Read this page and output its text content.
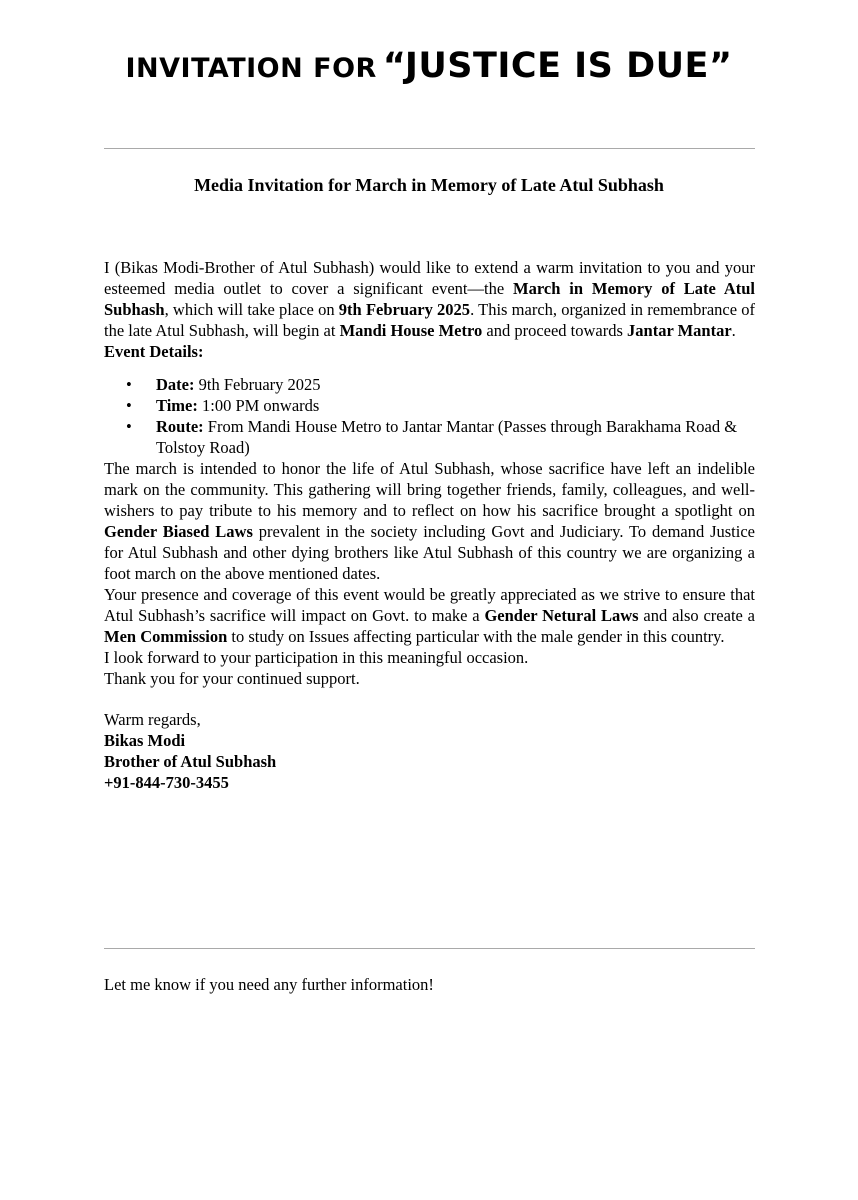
INVITATION FOR “JUSTICE IS DUE”
Media Invitation for March in Memory of Late Atul Subhash

I (Bikas Modi-Brother of Atul Subhash) would like to extend a warm invitation to you and your esteemed media outlet to cover a significant event—the March in Memory of Late Atul Subhash, which will take place on 9th February 2025. This march, organized in remembrance of the late Atul Subhash, will begin at Mandi House Metro and proceed towards Jantar Mantar.

Event Details:

• Date: 9th February 2025
• Time: 1:00 PM onwards
• Route: From Mandi House Metro to Jantar Mantar (Passes through Barakhama Road & Tolstoy Road)

The march is intended to honor the life of Atul Subhash, whose sacrifice have left an indelible mark on the community. This gathering will bring together friends, family, colleagues, and well-wishers to pay tribute to his memory and to reflect on how his sacrifice brought a spotlight on Gender Biased Laws prevalent in the society including Govt and Judiciary. To demand Justice for Atul Subhash and other dying brothers like Atul Subhash of this country we are organizing a foot march on the above mentioned dates.

Your presence and coverage of this event would be greatly appreciated as we strive to ensure that Atul Subhash’s sacrifice will impact on Govt. to make a Gender Netural Laws and also create a Men Commission to study on Issues affecting particular with the male gender in this country.

I look forward to your participation in this meaningful occasion.

Thank you for your continued support.

Warm regards,
Bikas Modi
Brother of Atul Subhash
+91-844-730-3455
Let me know if you need any further information!
